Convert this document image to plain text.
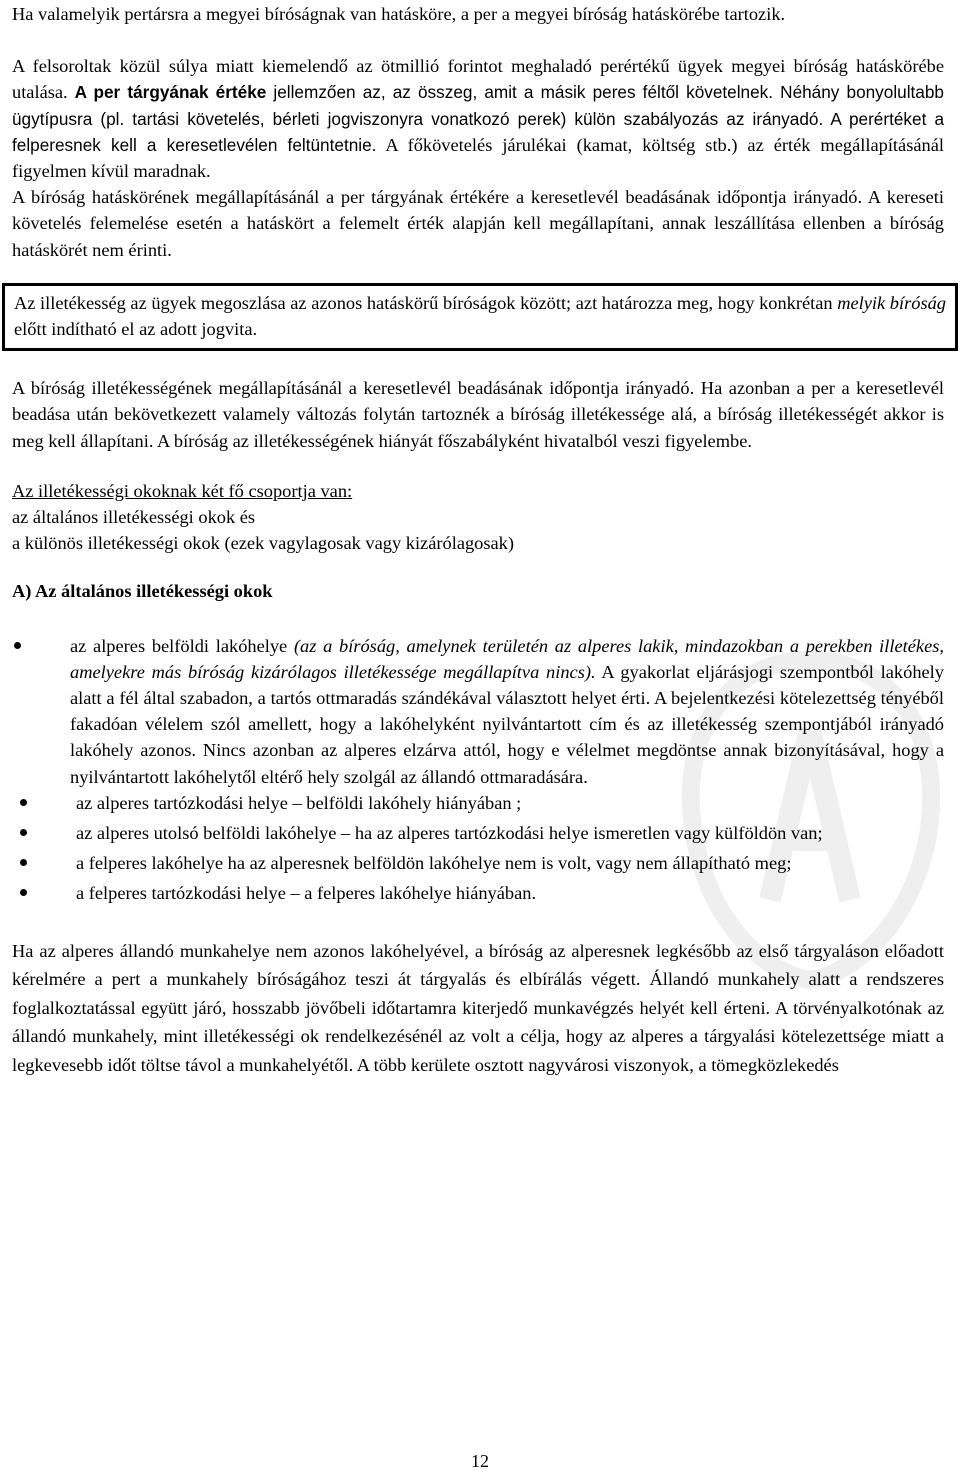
Ha valamelyik pertársra a megyei bíróságnak van hatásköre, a per a megyei bíróság hatáskörébe tartozik.

A felsoroltak közül súlya miatt kiemelendő az ötmillió forintot meghaladó perértékű ügyek megyei bíróság hatáskörébe utalása. A per tárgyának értéke jellemzően az, az összeg, amit a másik peres féltől követelnek. Néhány bonyolultabb ügytípusra (pl. tartási követelés, bérleti jogviszonyra vonatkozó perek) külön szabályozás az irányadó. A perértéket a felperesnek kell a keresetlevélen feltüntetnie. A főkövetelés járulékai (kamat, költség stb.) az érték megállapításánál figyelmen kívül maradnak.

A bíróság hatáskörének megállapításánál a per tárgyának értékére a keresetlevél beadásának időpontja irányadó. A kereseti követelés felemelése esetén a hatáskört a felemelt érték alapján kell megállapítani, annak leszállítása ellenben a bíróság hatáskörét nem érinti.

Az illetékesség az ügyek megoszlása az azonos hatáskörű bíróságok között; azt határozza meg, hogy konkrétan melyik bíróság előtt indítható el az adott jogvita.

A bíróság illetékességének megállapításánál a keresetlevél beadásának időpontja irányadó. Ha azonban a per a keresetlevél beadása után bekövetkezett valamely változás folytán tartoznék a bíróság illetékessége alá, a bíróság illetékességét akkor is meg kell állapítani. A bíróság az illetékességének hiányát főszabályként hivatalból veszi figyelembe.

Az illetékességi okoknak két fő csoportja van:

az általános illetékességi okok és

a különös illetékességi okok (ezek vagylagosak vagy kizárólagosak)

A) Az általános illetékességi okok

az alperes belföldi lakóhelye (az a bíróság, amelynek területén az alperes lakik, mindazokban a perekben illetékes, amelyekre más bíróság kizárólagos illetékessége megállapítva nincs). A gyakorlat eljárásjogi szempontból lakóhely alatt a fél által szabadon, a tartós ottmaradás szándékával választott helyet érti. A bejelentkezési kötelezettség tényéből fakadóan vélelem szól amellett, hogy a lakóhelyként nyilvántartott cím és az illetékesség szempontjából irányadó lakóhely azonos. Nincs azonban az alperes elzárva attól, hogy e vélelmet megdöntse annak bizonyításával, hogy a nyilvántartott lakóhelytől eltérő hely szolgál az állandó ottmaradására.
az alperes tartózkodási helye – belföldi lakóhely hiányában ;
az alperes utolsó belföldi lakóhelye – ha az alperes tartózkodási helye ismeretlen vagy külföldön van;
a felperes lakóhelye ha az alperesnek belföldön lakóhelye nem is volt, vagy nem állapítható meg;
a felperes tartózkodási helye – a felperes lakóhelye hiányában.

Ha az alperes állandó munkahelye nem azonos lakóhelyével, a bíróság az alperesnek legkésőbb az első tárgyaláson előadott kérelmére a pert a munkahely bíróságához teszi át tárgyalás és elbírálás végett. Állandó munkahely alatt a rendszeres foglalkoztatással együtt járó, hosszabb jövőbeli időtartamra kiterjedő munkavégzés helyét kell érteni. A törvényalkotónak az állandó munkahely, mint illetékességi ok rendelkezésénél az volt a célja, hogy az alperes a tárgyalási kötelezettsége miatt a legkevesebb időt töltse távol a munkahelyétől. A több kerülete osztott nagyvárosi viszonyok, a tömegközlekedés

12
